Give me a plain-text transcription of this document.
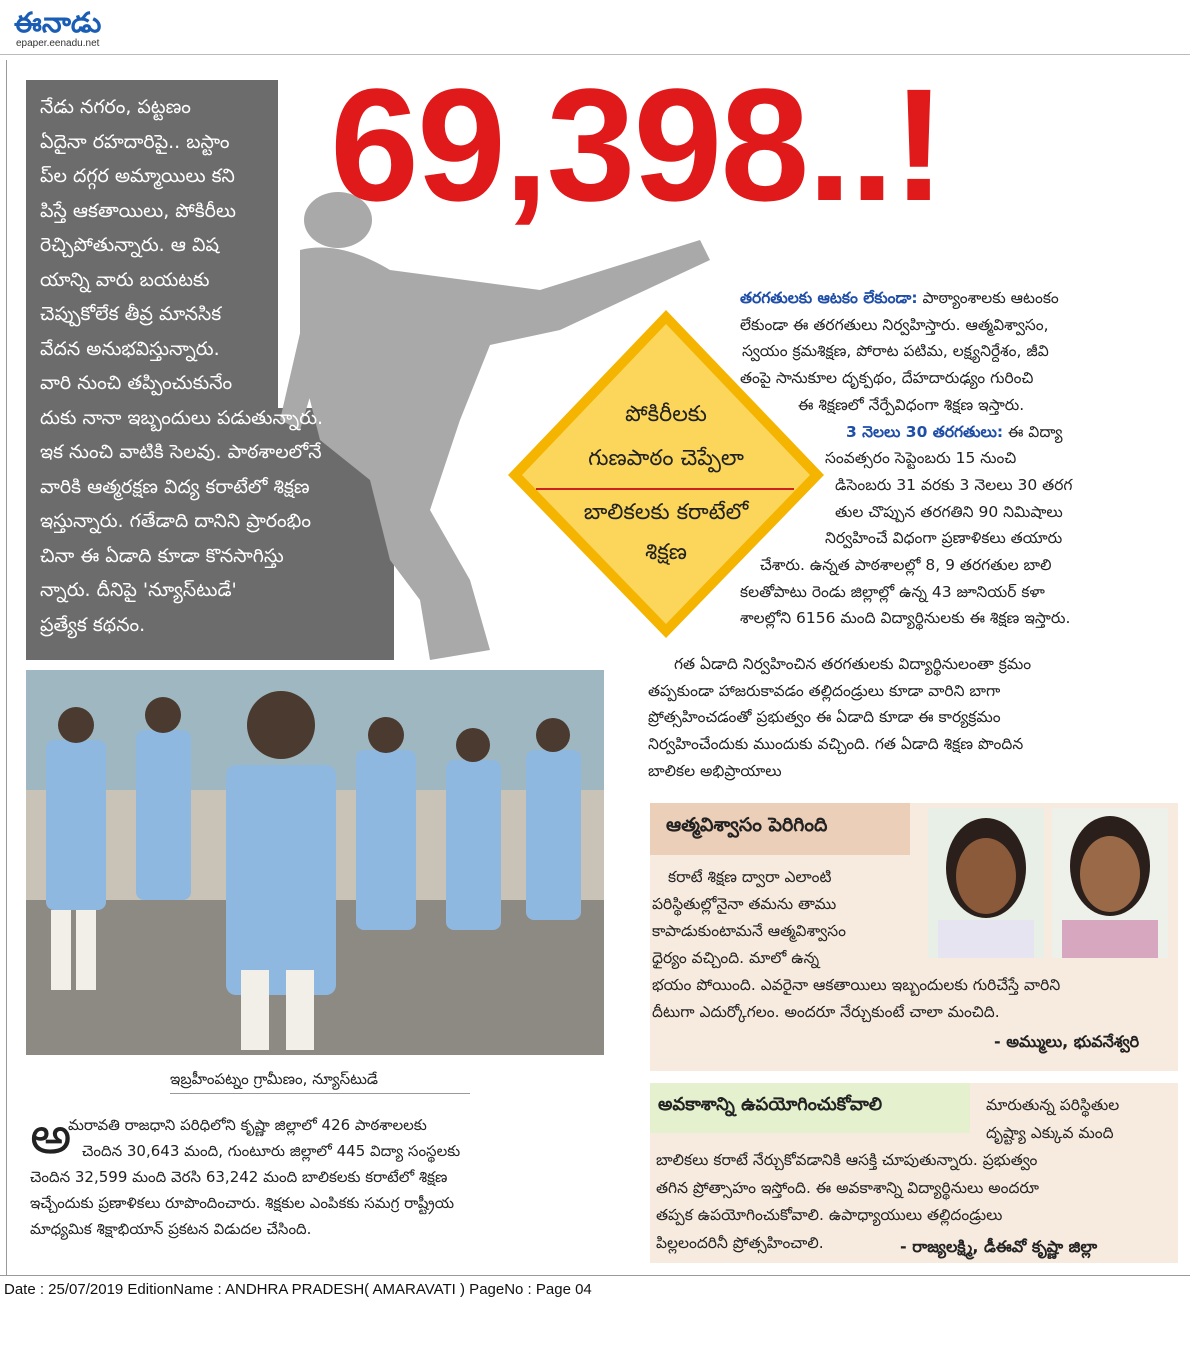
ఈనాడు
epaper.eenadu.net
నేడు నగరం, పట్టణం
ఏదైనా రహదారిపై.. బస్టాం
ప్‌ల దగ్గర అమ్మాయిలు కని
పిస్తే ఆకతాయిలు, పోకిరీలు
రెచ్చిపోతున్నారు. ఆ విష
యాన్ని వారు బయటకు
చెప్పుకోలేక తీవ్ర మానసిక
వేదన అనుభవిస్తున్నారు.
వారి నుంచి తప్పించుకునేం
దుకు నానా ఇబ్బందులు పడుతున్నారు.
ఇక నుంచి వాటికి సెలవు. పాఠశాలలోనే
వారికి ఆత్మరక్షణ విద్య కరాటేలో శిక్షణ
ఇస్తున్నారు. గతేడాది దానిని ప్రారంభిం
చినా ఈ ఏడాది కూడా కొనసాగిస్తు
న్నారు. దీనిపై 'న్యూస్‌టుడే'
ప్రత్యేక కథనం.
69,398..!
పోకిరీలకు
గుణపాఠం చెప్పేలా
బాలికలకు కరాటేలో
శిక్షణ
తరగతులకు ఆటకం లేకుండా: పాఠ్యాంశాలకు ఆటంకం
లేకుండా ఈ తరగతులు నిర్వహిస్తారు. ఆత్మవిశ్వాసం,
స్వయం క్రమశిక్షణ, పోరాట పటిమ, లక్ష్యనిర్దేశం, జీవి
తంపై సానుకూల దృక్పథం, దేహదారుఢ్యం గురించి
ఈ శిక్షణలో నేర్పేవిధంగా శిక్షణ ఇస్తారు.
3 నెలలు 30 తరగతులు: ఈ విద్యా
సంవత్సరం సెప్టెంబరు 15 నుంచి
డిసెంబరు 31 వరకు 3 నెలలు 30 తరగ
తుల చొప్పున తరగతిని 90 నిమిషాలు
నిర్వహించే విధంగా ప్రణాళికలు తయారు
చేశారు. ఉన్నత పాఠశాలల్లో 8, 9 తరగతుల బాలి
కలతోపాటు రెండు జిల్లాల్లో ఉన్న 43 జూనియర్ కళా
శాలల్లోని 6156 మంది విద్యార్థినులకు ఈ శిక్షణ ఇస్తారు.
గత ఏడాది నిర్వహించిన తరగతులకు విద్యార్థినులంతా క్రమం
తప్పకుండా హాజరుకావడం తల్లిదండ్రులు కూడా వారిని బాగా
ప్రోత్సహించడంతో ప్రభుత్వం ఈ ఏడాది కూడా ఈ కార్యక్రమం
నిర్వహించేందుకు ముందుకు వచ్చింది. గత ఏడాది శిక్షణ పొందిన
బాలికల అభిప్రాయాలు
ఇబ్రహీంపట్నం గ్రామీణం, న్యూస్‌టుడే
అ
మరావతి రాజధాని పరిధిలోని కృష్ణా జిల్లాలో 426 పాఠశాలలకు
చెందిన 30,643 మంది, గుంటూరు జిల్లాలో 445 విద్యా సంస్థలకు
చెందిన 32,599 మంది వెరసి 63,242 మంది బాలికలకు కరాటేలో శిక్షణ
ఇచ్చేందుకు ప్రణాళికలు రూపొందించారు. శిక్షకుల ఎంపికకు సమగ్ర రాష్ట్రీయ
మాధ్యమిక శిక్షాభియాన్ ప్రకటన విడుదల చేసింది.
ఆత్మవిశ్వాసం పెరిగింది
కరాటే శిక్షణ ద్వారా ఎలాంటి
పరిస్థితుల్లోనైనా తమను తాము
కాపాడుకుంటామనే ఆత్మవిశ్వాసం
ధైర్యం వచ్చింది. మాలో ఉన్న
భయం పోయింది. ఎవరైనా ఆకతాయిలు ఇబ్బందులకు గురిచేస్తే వారిని
దీటుగా ఎదుర్కోగలం. అందరూ నేర్చుకుంటే చాలా మంచిది.
- అమ్ములు, భువనేశ్వరి
అవకాశాన్ని ఉపయోగించుకోవాలి	మారుతున్న పరిస్థితుల
దృష్ట్యా ఎక్కువ మంది
బాలికలు కరాటే నేర్చుకోవడానికి ఆసక్తి చూపుతున్నారు. ప్రభుత్వం
తగిన ప్రోత్సాహం ఇస్తోంది. ఈ అవకాశాన్ని విద్యార్థినులు అందరూ
తప్పక ఉపయోగించుకోవాలి. ఉపాధ్యాయులు తల్లిదండ్రులు
పిల్లలందరినీ ప్రోత్సహించాలి.	- రాజ్యలక్ష్మి, డీఈవో కృష్ణా జిల్లా
Date : 25/07/2019 EditionName : ANDHRA PRADESH( AMARAVATI ) PageNo : Page 04
